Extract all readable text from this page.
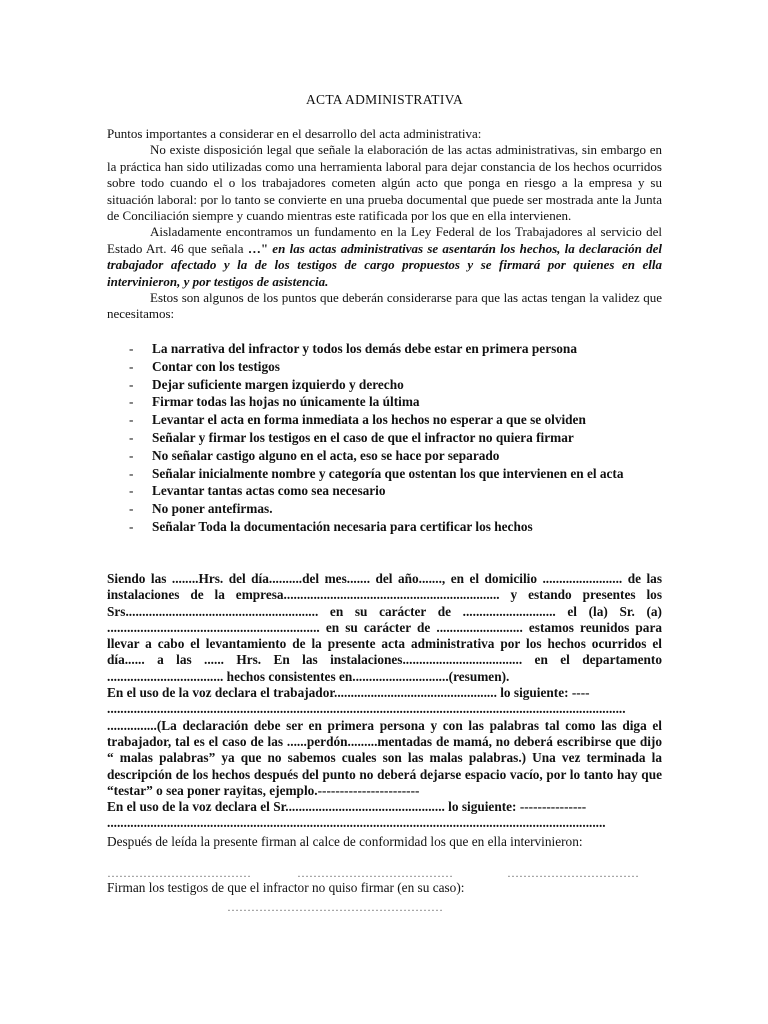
ACTA ADMINISTRATIVA

Puntos importantes a considerar en el desarrollo del acta administrativa:

No existe disposición legal que señale la elaboración de las actas administrativas, sin embargo en la práctica han sido utilizadas como una herramienta laboral para dejar constancia de los hechos ocurridos sobre todo cuando el o los trabajadores cometen algún acto que ponga en riesgo a la empresa y su situación laboral: por lo tanto se convierte en una prueba documental que puede ser mostrada ante la Junta de Conciliación siempre y cuando mientras este ratificada por los que en ella intervienen.

Aisladamente encontramos un fundamento en la Ley Federal de los Trabajadores al servicio del Estado Art. 46 que señala …" en las actas administrativas se asentarán los hechos, la declaración del trabajador afectado y la de los testigos de cargo propuestos y se firmará por quienes en ella intervinieron, y por testigos de asistencia.

Estos son algunos de los puntos que deberán considerarse para que las actas tengan la validez que necesitamos:

- La narrativa del infractor y todos los demás debe estar en primera persona
- Contar con los testigos
- Dejar suficiente margen izquierdo y derecho
- Firmar todas las hojas no únicamente la última
- Levantar el acta en forma inmediata a los hechos no esperar a que se olviden
- Señalar y firmar los testigos en el caso de que el infractor no quiera firmar
- No señalar castigo alguno en el acta, eso se hace por separado
- Señalar inicialmente nombre y categoría que ostentan los que intervienen en el acta
- Levantar tantas actas como sea necesario
- No poner antefirmas.
- Señalar Toda la documentación necesaria para certificar los hechos

Siendo las ........Hrs. del día..........del mes....... del año......., en el domicilio ........................ de las instalaciones de la empresa................................................................. y estando presentes los Srs.......................................................... en su carácter de ............................ el (la) Sr. (a) ................................................................ en su carácter de .......................... estamos reunidos para llevar a cabo el levantamiento de la presente acta administrativa por los hechos ocurridos el día...... a las ...... Hrs. En las instalaciones.................................... en el departamento ................................... hechos consistentes en.............................(resumen).

En el uso de la voz declara el trabajador................................................. lo siguiente: ----

............................................................................................................................................................

...............(La declaración debe ser en primera persona y con las palabras tal como las diga el trabajador, tal es el caso de las ......perdón.........mentadas de mamá, no deberá escribirse que dijo “ malas palabras” ya que no sabemos cuales son las malas palabras.) Una vez terminada la descripción de los hechos después del punto no deberá dejarse espacio vacío, por lo tanto hay que “testar” o sea poner rayitas, ejemplo.-----------------------

En el uso de la voz declara el Sr................................................ lo siguiente: ---------------

......................................................................................................................................................

Después de leída la presente firman al calce de conformidad los que en ella intervinieron:
………………………………	…………………………………	……………………………
Firman los testigos de que el infractor no quiso firmar (en su caso):
………………………………………………
